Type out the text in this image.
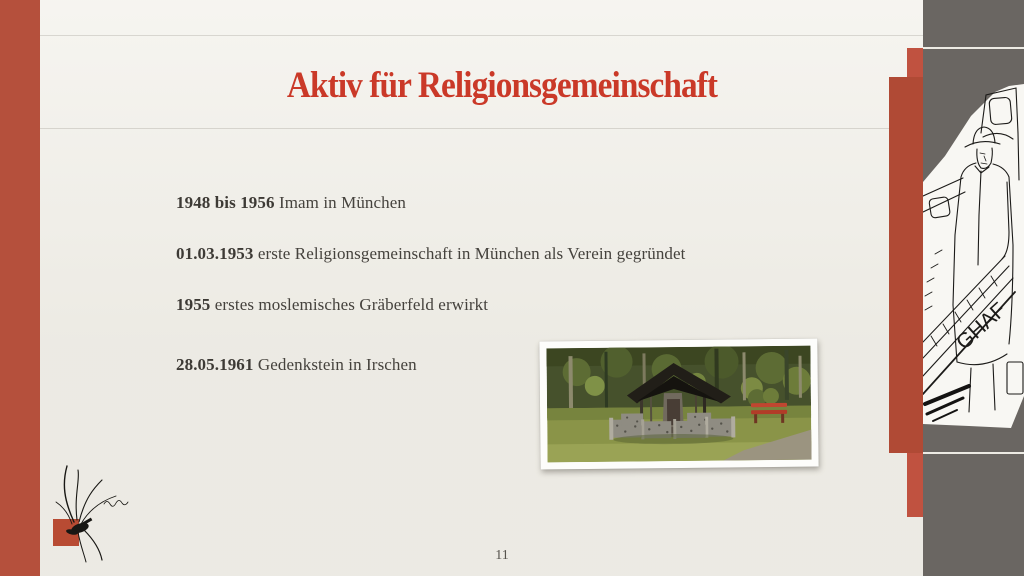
Aktiv für Religionsgemeinschaft
1948 bis 1956 Imam in München
01.03.1953 erste Religionsgemeinschaft in München als Verein gegründet
1955 erstes moslemisches Gräberfeld erwirkt
28.05.1961 Gedenkstein in Irschen
11
GHAF
